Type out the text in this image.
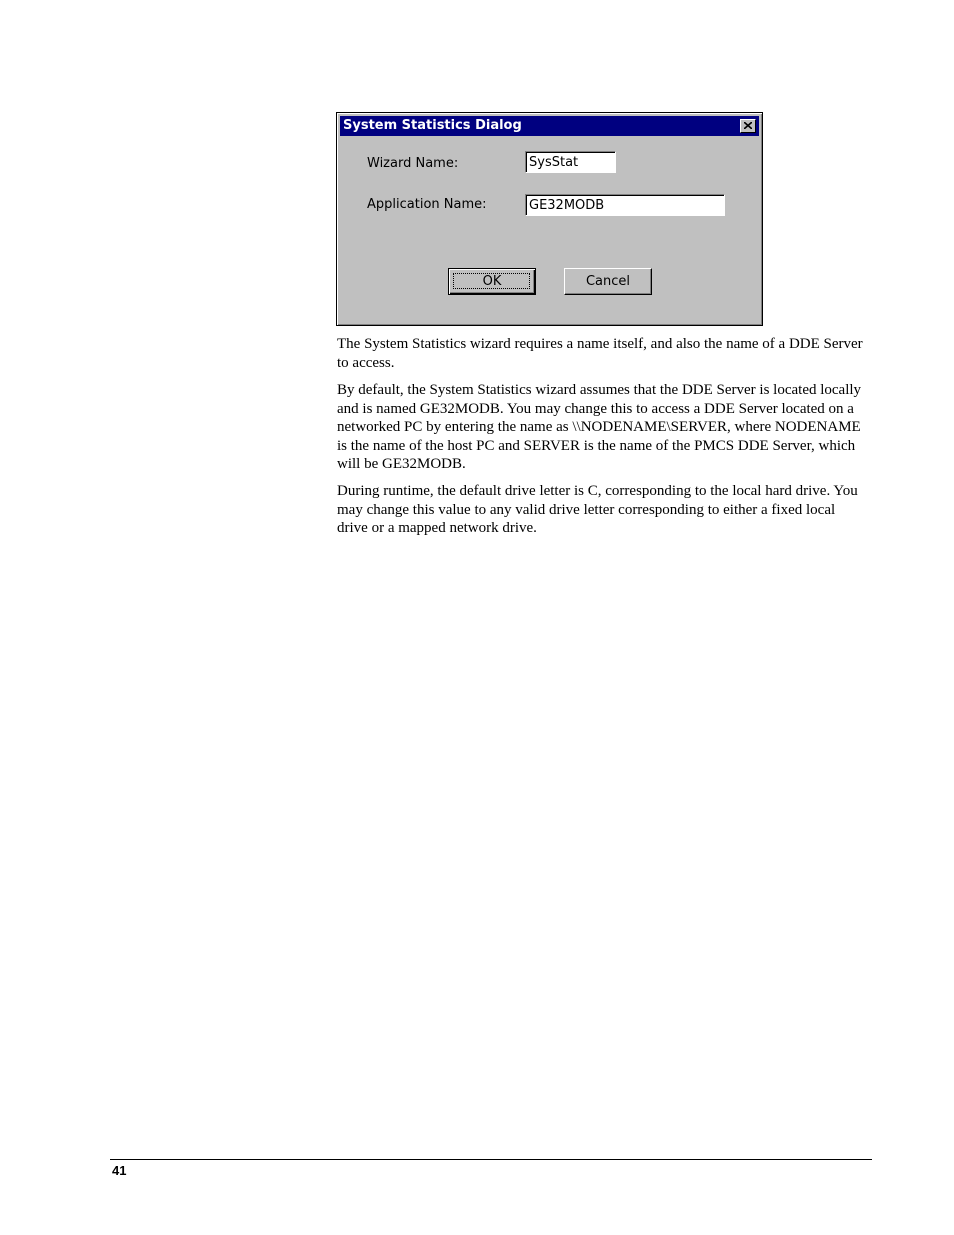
System Statistics Dialog
Wizard Name:
SysStat
Application Name:
GE32MODB
OK	Cancel

The System Statistics wizard requires a name itself, and also the name of a DDE Server to access.

By default, the System Statistics wizard assumes that the DDE Server is located locally and is named GE32MODB. You may change this to access a DDE Server located on a networked PC by entering the name as \\NODENAME\SERVER, where NODENAME is the name of the host PC and SERVER is the name of the PMCS DDE Server, which will be GE32MODB.

During runtime, the default drive letter is C, corresponding to the local hard drive. You may change this value to any valid drive letter corresponding to either a fixed local drive or a mapped network drive.

41
